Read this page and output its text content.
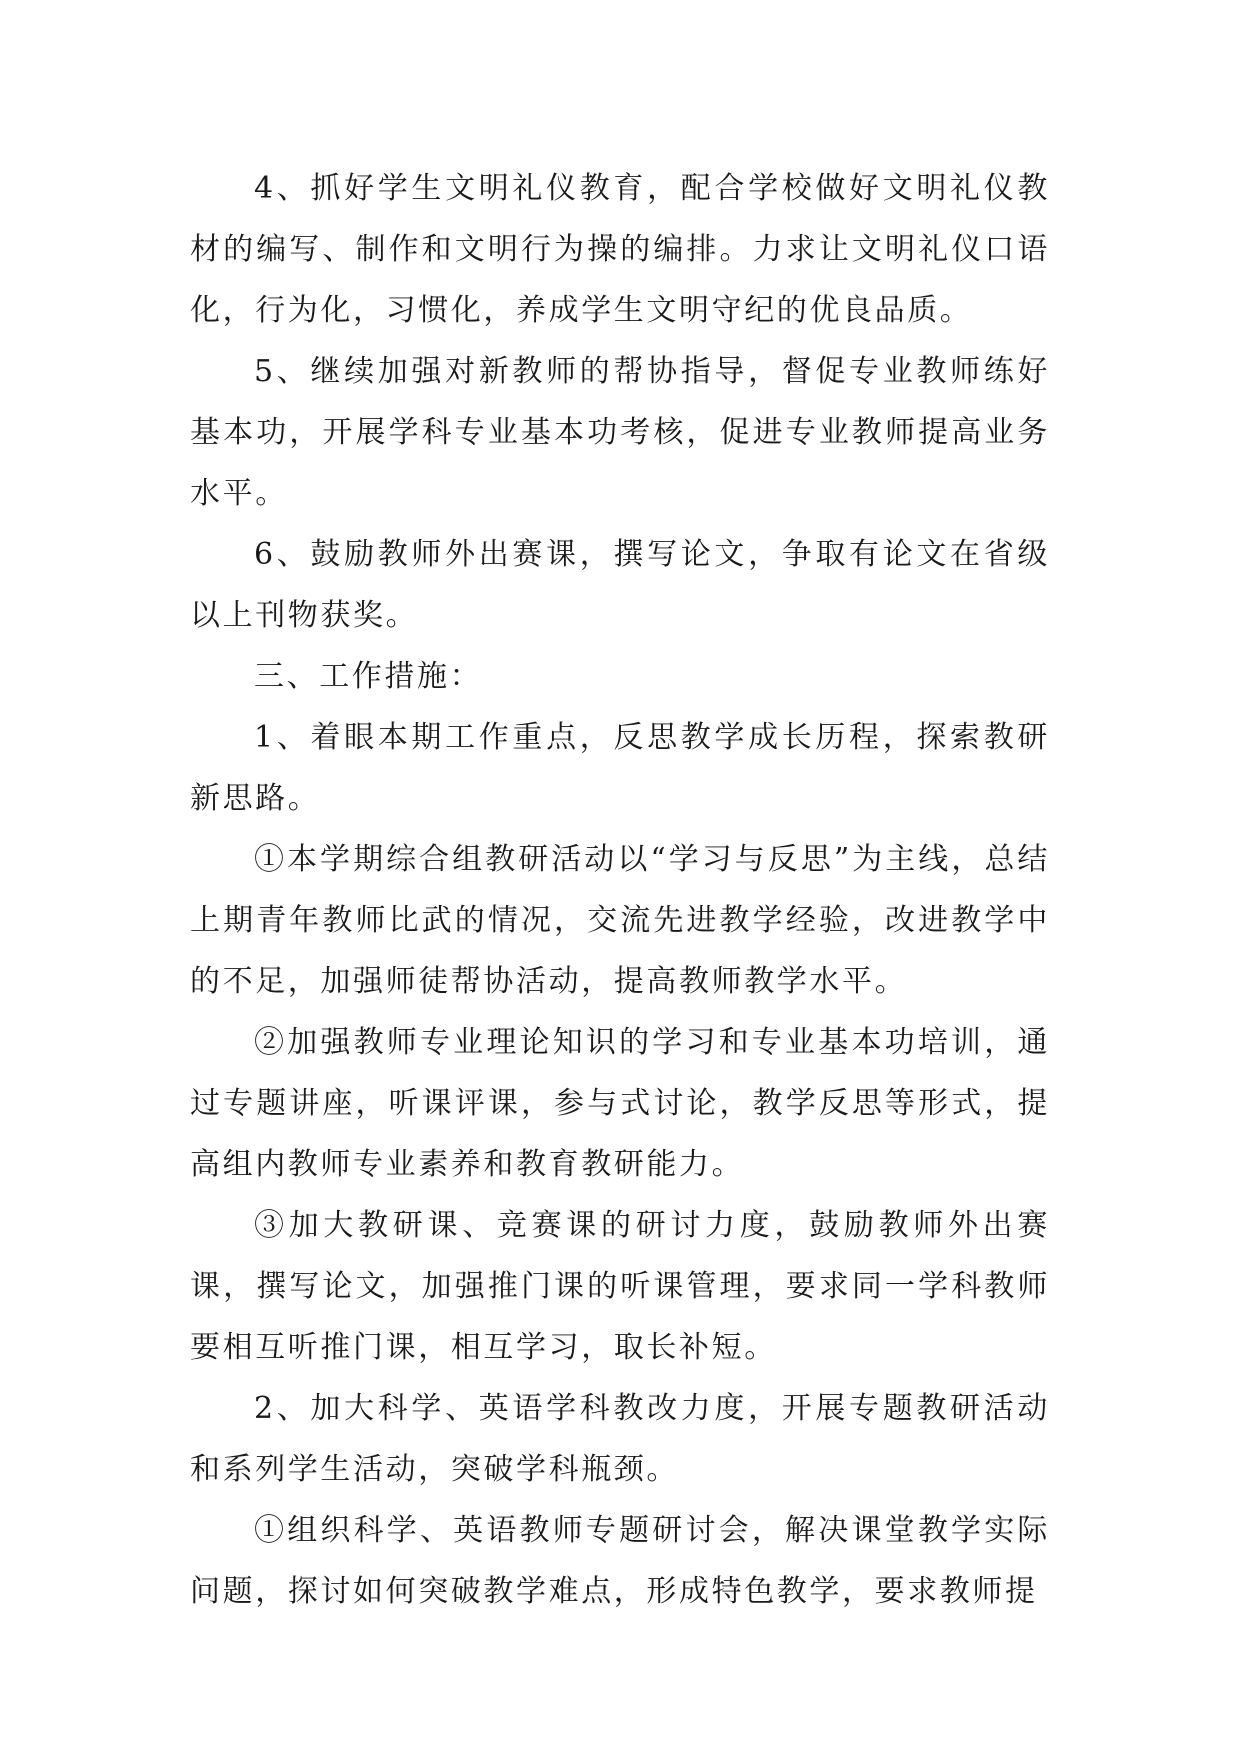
4、抓好学生文明礼仪教育，配合学校做好文明礼仪教材的编写、制作和文明行为操的编排。力求让文明礼仪口语化，行为化，习惯化，养成学生文明守纪的优良品质。

5、继续加强对新教师的帮协指导，督促专业教师练好基本功，开展学科专业基本功考核，促进专业教师提高业务水平。

6、鼓励教师外出赛课，撰写论文，争取有论文在省级以上刊物获奖。

三、工作措施：

1、着眼本期工作重点，反思教学成长历程，探索教研新思路。

①本学期综合组教研活动以“学习与反思”为主线，总结上期青年教师比武的情况，交流先进教学经验，改进教学中的不足，加强师徒帮协活动，提高教师教学水平。

②加强教师专业理论知识的学习和专业基本功培训，通过专题讲座，听课评课，参与式讨论，教学反思等形式，提高组内教师专业素养和教育教研能力。

③加大教研课、竞赛课的研讨力度，鼓励教师外出赛课，撰写论文，加强推门课的听课管理，要求同一学科教师要相互听推门课，相互学习，取长补短。

2、加大科学、英语学科教改力度，开展专题教研活动和系列学生活动，突破学科瓶颈。

①组织科学、英语教师专题研讨会，解决课堂教学实际问题，探讨如何突破教学难点，形成特色教学，要求教师提
